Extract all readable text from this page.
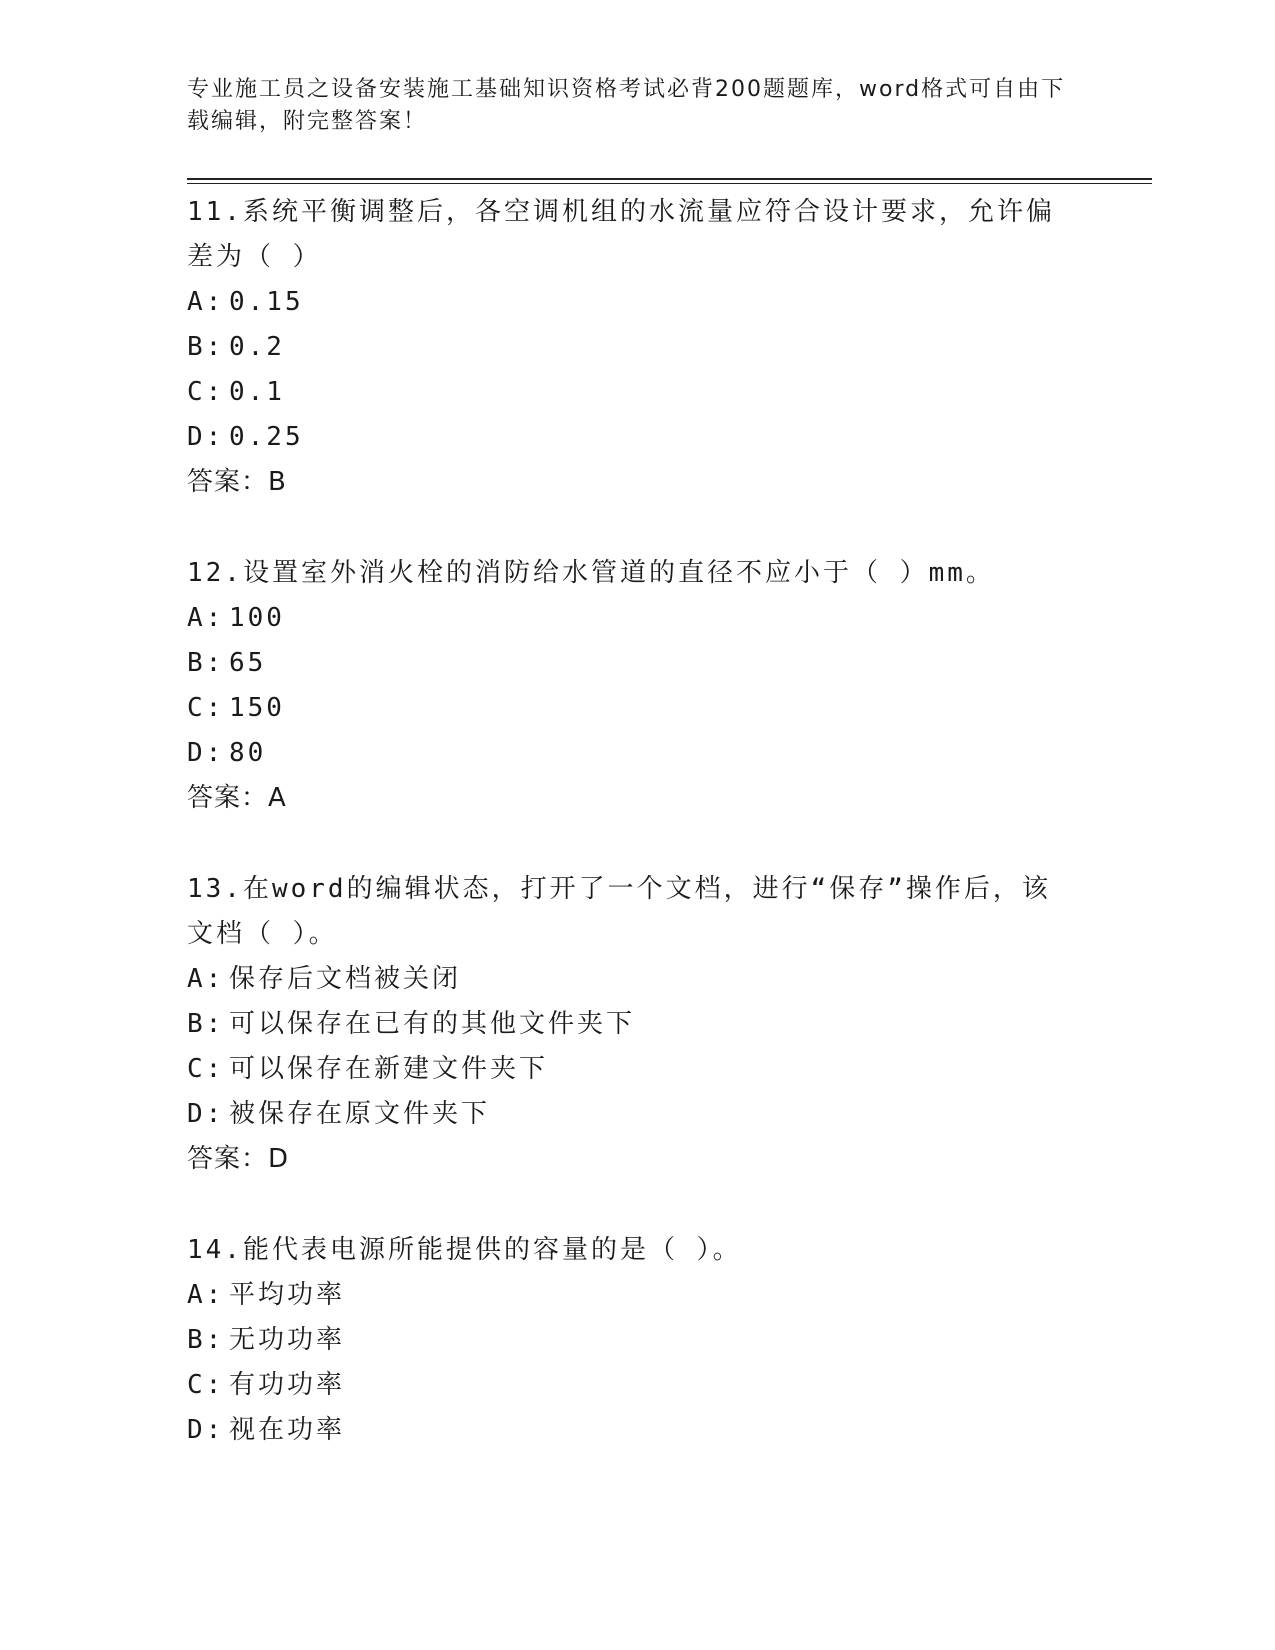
专业施工员之设备安装施工基础知识资格考试必背200题题库，word格式可自由下载编辑，附完整答案！

11.系统平衡调整后，各空调机组的水流量应符合设计要求，允许偏差为（ ）

A: 0.15

B: 0.2

C: 0.1

D: 0.25

答案：B

12.设置室外消火栓的消防给水管道的直径不应小于（ ）mm。

A: 100

B: 65

C: 150

D: 80

答案：A

13.在word的编辑状态，打开了一个文档，进行“保存”操作后，该文档（ ）。

A: 保存后文档被关闭

B: 可以保存在已有的其他文件夹下

C: 可以保存在新建文件夹下

D: 被保存在原文件夹下

答案：D

14.能代表电源所能提供的容量的是（ ）。

A: 平均功率

B: 无功功率

C: 有功功率

D: 视在功率
